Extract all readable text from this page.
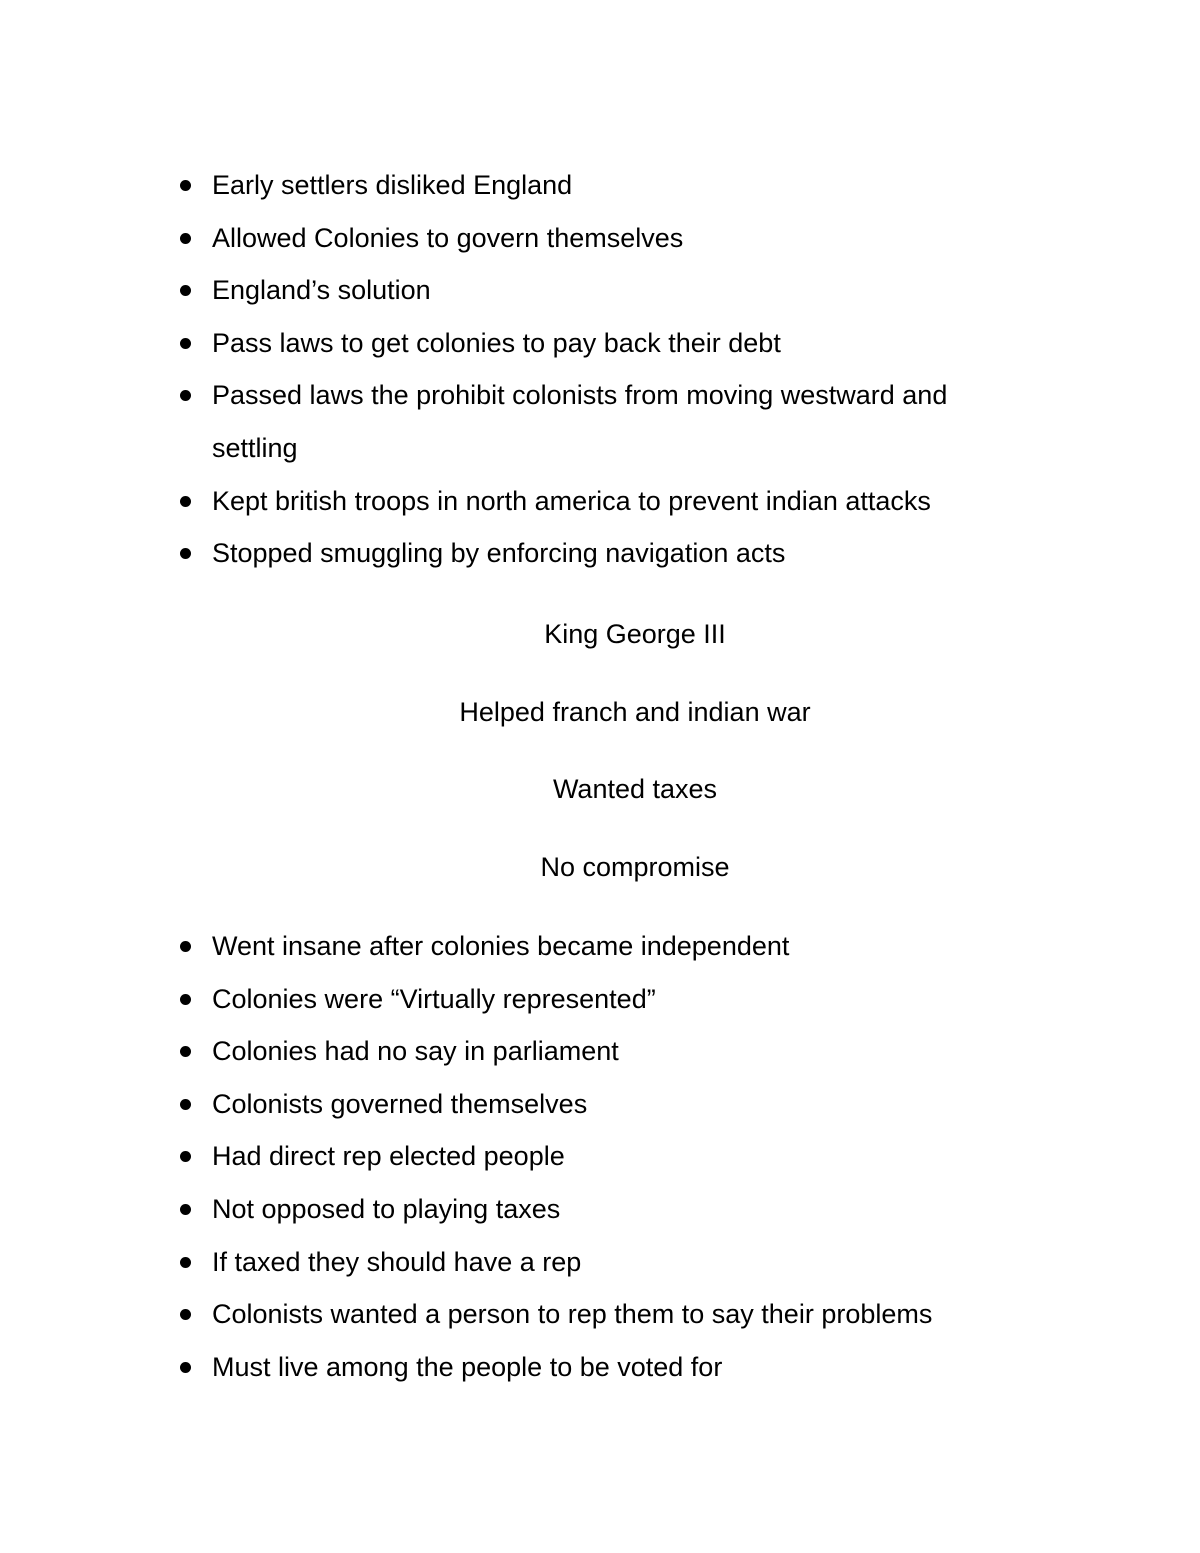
Early settlers disliked England
Allowed Colonies to govern themselves
England’s solution
Pass laws to get colonies to pay back their debt
Passed laws the prohibit colonists from moving westward and settling
Kept british troops in north america to prevent indian attacks
Stopped smuggling by enforcing navigation acts

King George III

Helped franch and indian war

Wanted taxes

No compromise

Went insane after colonies became independent
Colonies were “Virtually represented”
Colonies had no say in parliament
Colonists governed themselves
Had direct rep elected people
Not opposed to playing taxes
If taxed they should have a rep
Colonists wanted a person to rep them to say their problems
Must live among the people to be voted for
